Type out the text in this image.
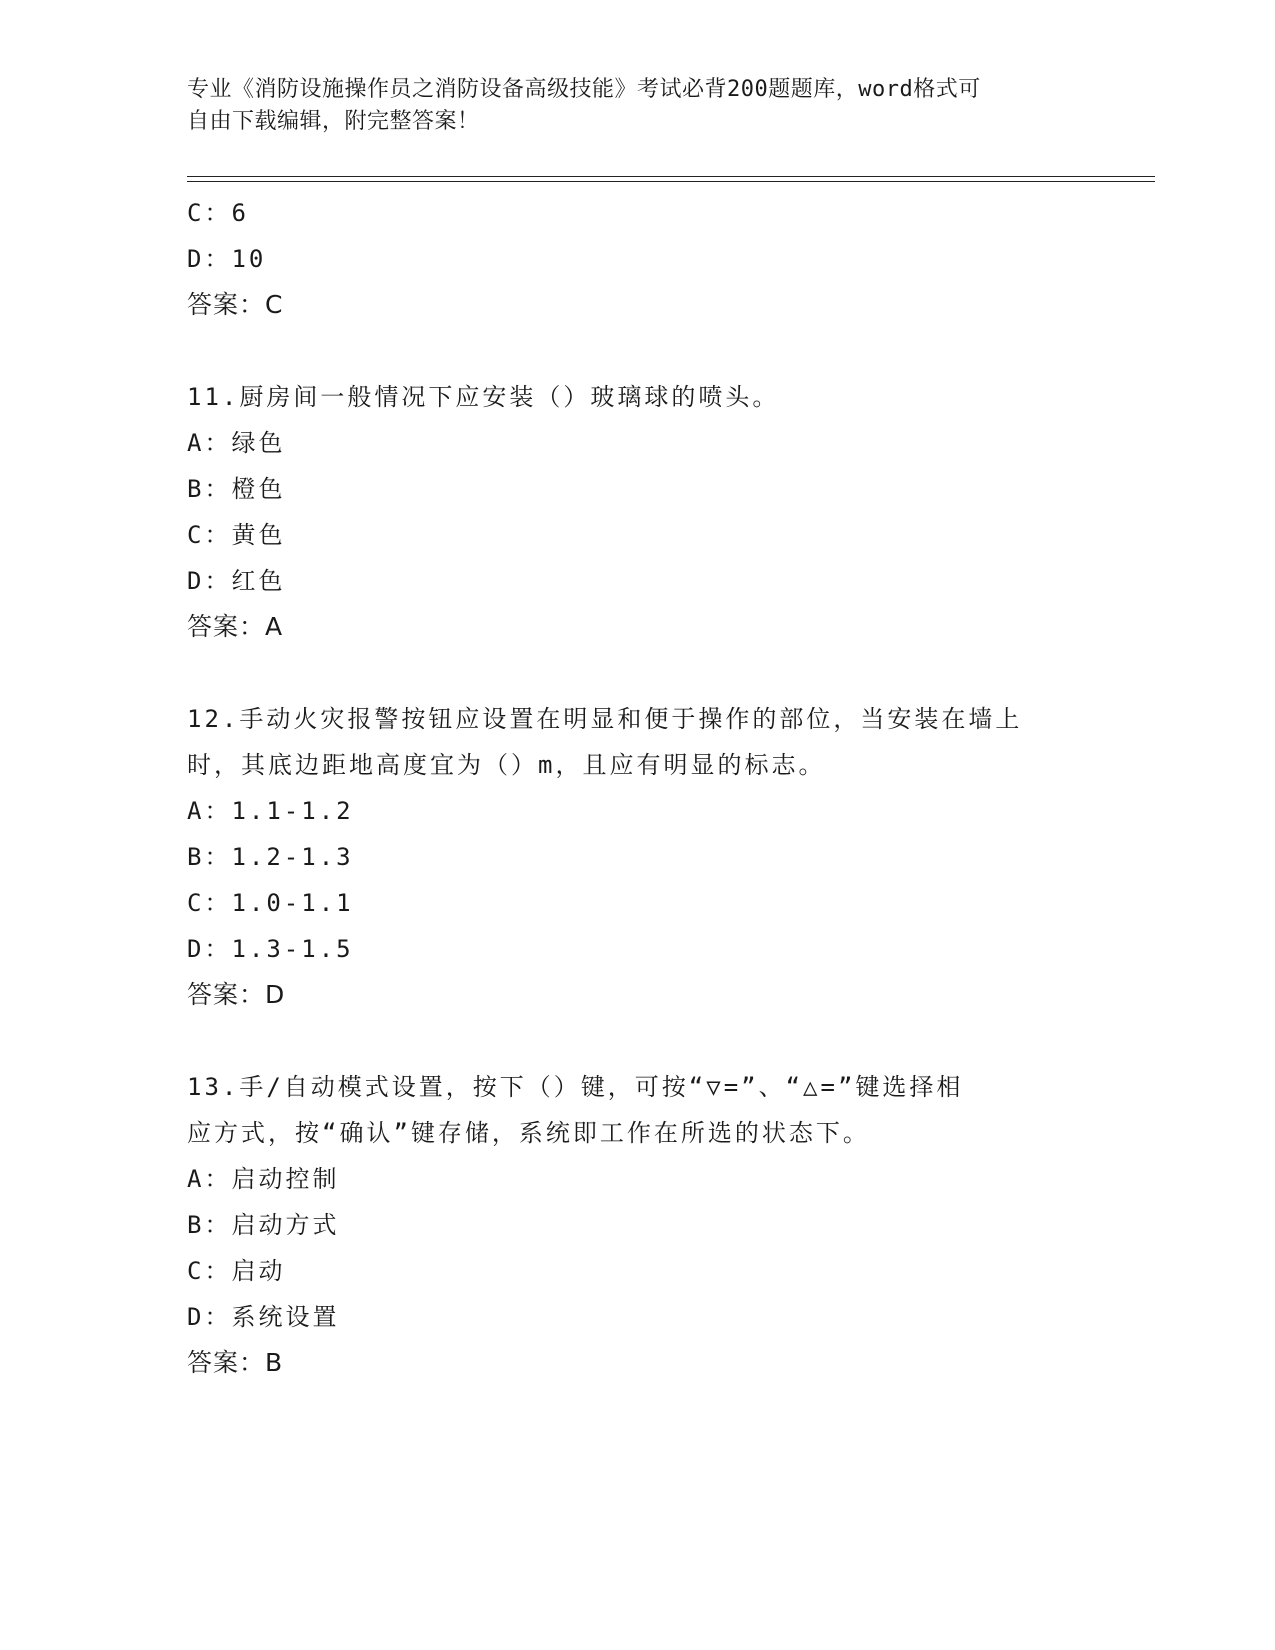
专业《消防设施操作员之消防设备高级技能》考试必背200题题库，word格式可
自由下载编辑，附完整答案！
C：6
D：10
答案：C
11.厨房间一般情况下应安装（）玻璃球的喷头。
A：绿色
B：橙色
C：黄色
D：红色
答案：A
12.手动火灾报警按钮应设置在明显和便于操作的部位，当安装在墙上
时，其底边距地高度宜为（）m，且应有明显的标志。
A：1.1-1.2
B：1.2-1.3
C：1.0-1.1
D：1.3-1.5
答案：D
13.手/自动模式设置，按下（）键，可按“▽=”、“△=”键选择相
应方式，按“确认”键存储，系统即工作在所选的状态下。
A：启动控制
B：启动方式
C：启动
D：系统设置
答案：B
